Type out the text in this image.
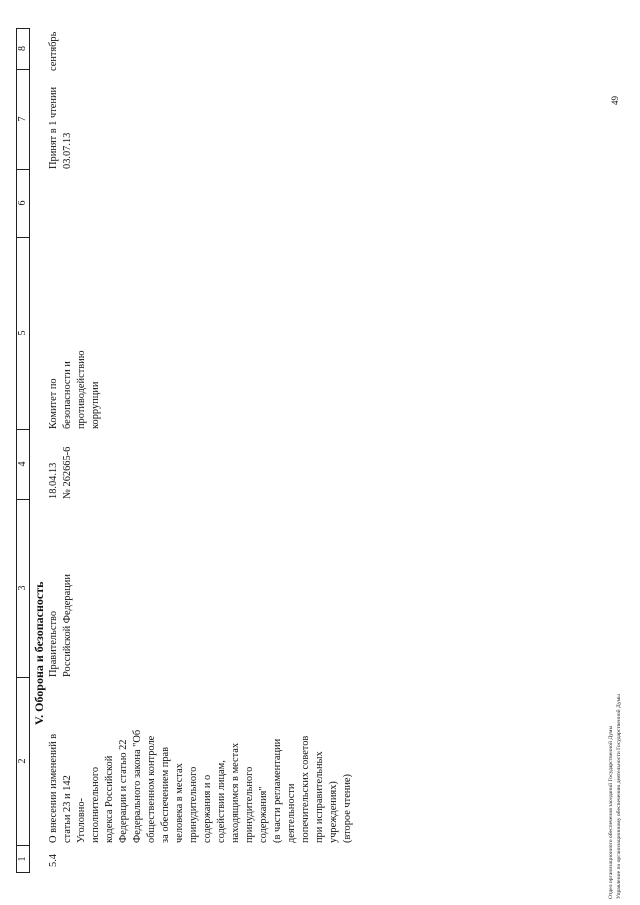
1
2
3
4
5
6
7
8
V. Оборона и безопасность
5.4
О внесении изменений в статьи 23 и 142 Уголовно- исполнительного кодекса Российской Федерации и статью 22 Федерального закона "Об общественном контроле за обеспечением прав человека в местах принудительного содержания и о содействии лицам, находящимся в местах принудительного содержания" (в части регламентации деятельности попечительских советов при исправительных учреждениях) (второе чтение)
Правительство Российской Федерации
18.04.13 № 262665-6
Комитет по безопасности и противодействию коррупции
Принят в 1 чтении 03.07.13
сентябрь
Отдел организационного обеспечения заседаний Государственной Думы Управление по организационному обеспечению деятельности Государственной Думы
49
